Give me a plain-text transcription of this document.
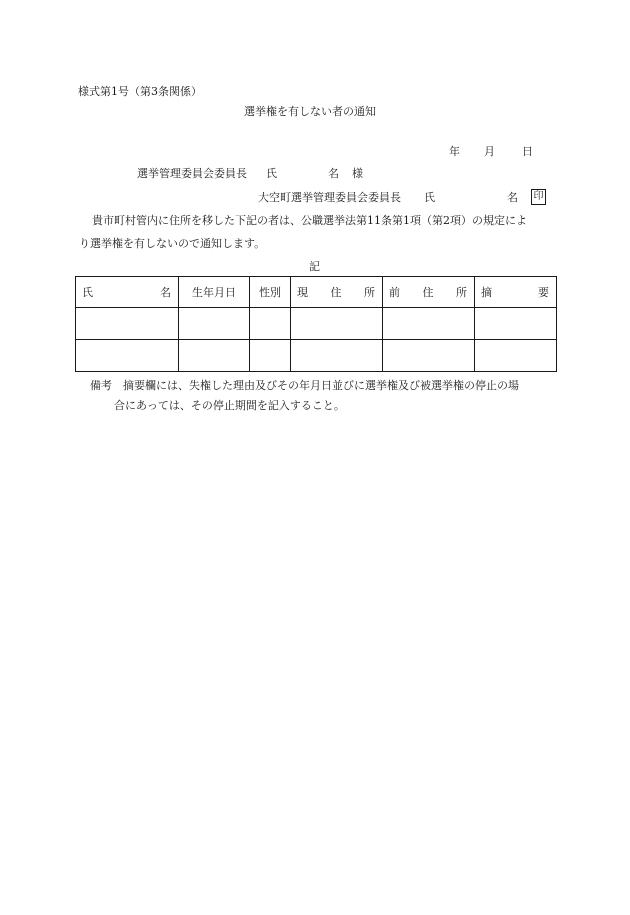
様式第1号（第3条関係）
選挙権を有しない者の通知
年 月 日
選挙管理委員会委員長 氏	名 様
大空町選挙管理委員会委員長 氏	名 印
貴市町村管内に住所を移した下記の者は、公職選挙法第11条第1項（第2項）の規定によ
り選挙権を有しないので通知します。
記
氏 名	生年月日	性別	現 住 所	前 住 所	摘 要

備考　摘要欄には、失権した理由及びその年月日並びに選挙権及び被選挙権の停止の場
合にあっては、その停止期間を記入すること。
